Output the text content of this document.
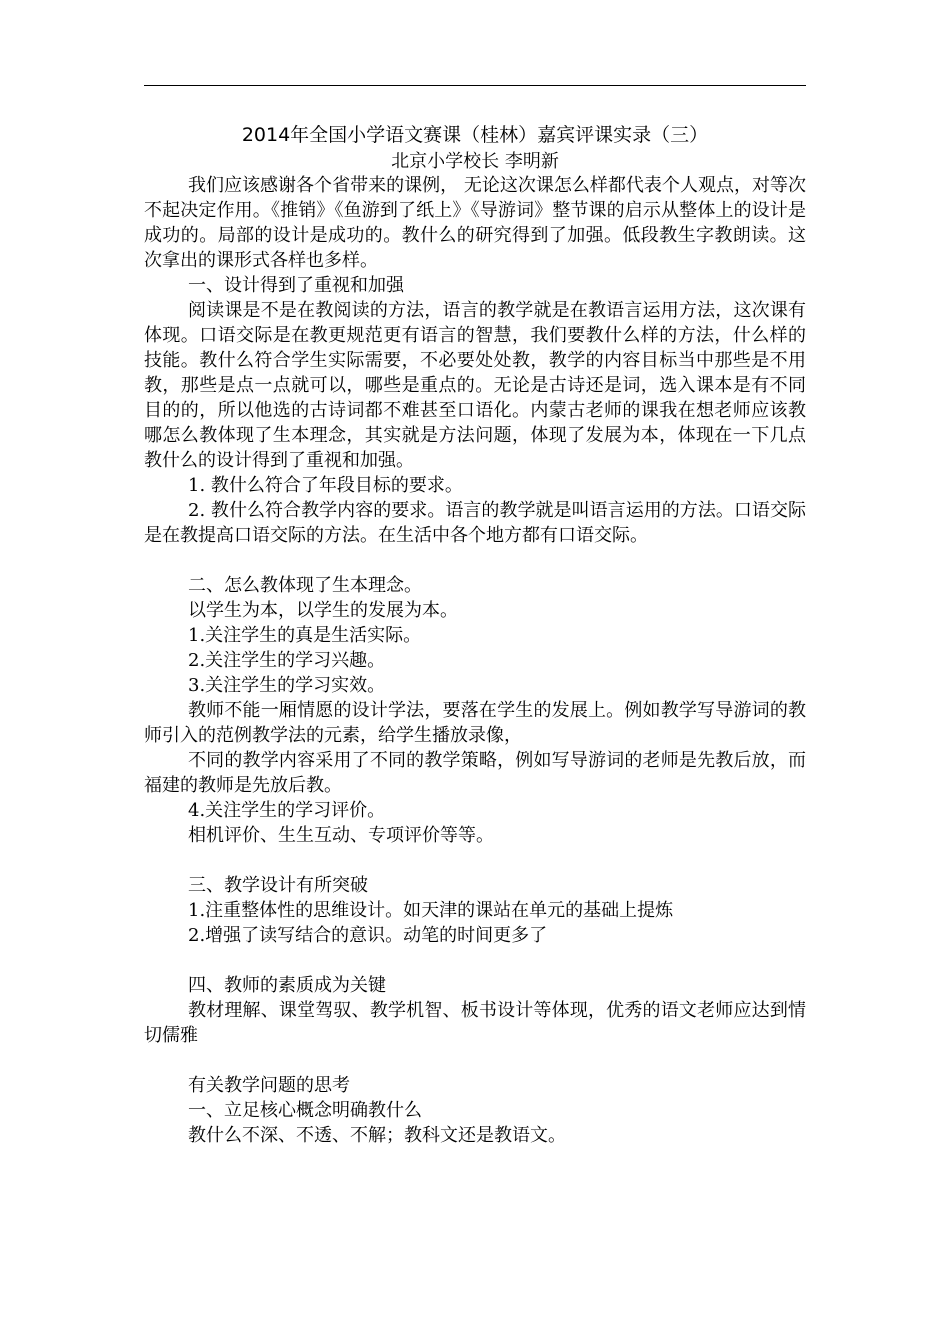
2014年全国小学语文赛课（桂林）嘉宾评课实录（三）
北京小学校长 李明新

我们应该感谢各个省带来的课例， 无论这次课怎么样都代表个人观点，对等次不起决定作用。《推销》《鱼游到了纸上》《导游词》整节课的启示从整体上的设计是成功的。局部的设计是成功的。教什么的研究得到了加强。低段教生字教朗读。这次拿出的课形式各样也多样。

一、设计得到了重视和加强

阅读课是不是在教阅读的方法，语言的教学就是在教语言运用方法，这次课有体现。口语交际是在教更规范更有语言的智慧，我们要教什么样的方法，什么样的技能。教什么符合学生实际需要，不必要处处教，教学的内容目标当中那些是不用教，那些是点一点就可以，哪些是重点的。无论是古诗还是词，选入课本是有不同目的的，所以他选的古诗词都不难甚至口语化。内蒙古老师的课我在想老师应该教哪怎么教体现了生本理念，其实就是方法问题，体现了发展为本，体现在一下几点教什么的设计得到了重视和加强。

1. 教什么符合了年段目标的要求。

2. 教什么符合教学内容的要求。语言的教学就是叫语言运用的方法。口语交际是在教提高口语交际的方法。在生活中各个地方都有口语交际。

二、怎么教体现了生本理念。

以学生为本，以学生的发展为本。

1.关注学生的真是生活实际。

2.关注学生的学习兴趣。

3.关注学生的学习实效。

教师不能一厢情愿的设计学法，要落在学生的发展上。例如教学写导游词的教师引入的范例教学法的元素，给学生播放录像，

不同的教学内容采用了不同的教学策略，例如写导游词的老师是先教后放，而福建的教师是先放后教。

4.关注学生的学习评价。

相机评价、生生互动、专项评价等等。

三、教学设计有所突破

1.注重整体性的思维设计。如天津的课站在单元的基础上提炼

2.增强了读写结合的意识。动笔的时间更多了

四、教师的素质成为关键

教材理解、课堂驾驭、教学机智、板书设计等体现，优秀的语文老师应达到情切儒雅

有关教学问题的思考

一、立足核心概念明确教什么

教什么不深、不透、不解；教科文还是教语文。
